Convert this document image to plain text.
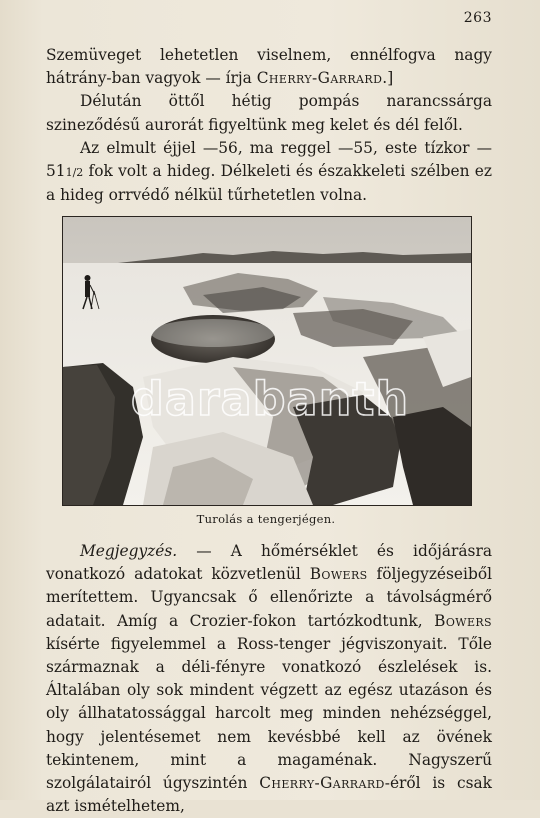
263

Szemüveget lehetetlen viselnem, ennélfogva nagy hátrány-ban vagyok — írja Cherry-Garrard.]

Délután öttől hétig pompás narancssárga szineződésű aurorát figyeltünk meg kelet és dél felől.

Az elmult éjjel —56, ma reggel —55, este tízkor —511/2 fok volt a hideg. Délkeleti és északkeleti szélben ez a hideg orrvédő nélkül tűrhetetlen volna.

Turolás a tengerjégen.

Megjegyzés. — A hőmérséklet és időjárásra vonatkozó adatokat közvetlenül Bowers följegyzéseiből merítettem. Ugyancsak ő ellenőrizte a távolságmérő adatait. Amíg a Crozier-fokon tartózkodtunk, Bowers kísérte figyelemmel a Ross-tenger jégviszonyait. Tőle származnak a déli-fényre vonatkozó észlelések is. Általában oly sok mindent végzett az egész utazáson és oly állhatatossággal harcolt meg minden nehézséggel, hogy jelentésemet nem kevésbbé kell az övének tekintenem, mint a magaménak. Nagyszerű szolgálatairól úgyszintén Cherry-Garrard-éről is csak azt ismételhetem,
